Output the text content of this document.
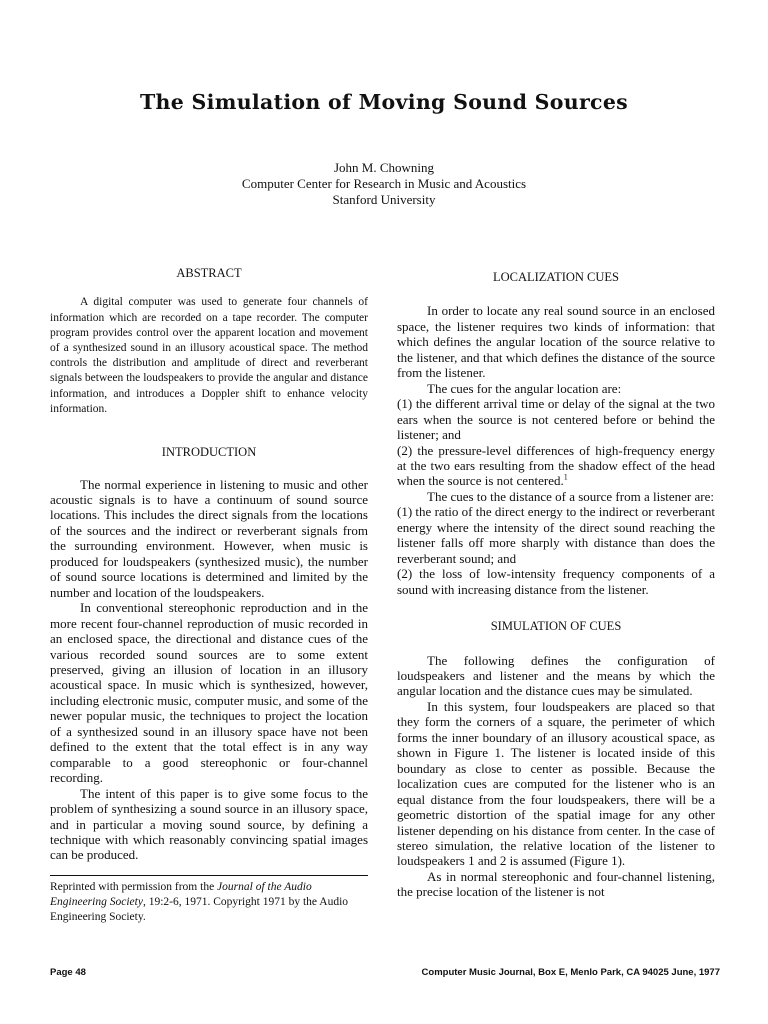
The Simulation of Moving Sound Sources
John M. Chowning
Computer Center for Research in Music and Acoustics
Stanford University
ABSTRACT

A digital computer was used to generate four channels of information which are recorded on a tape recorder. The computer program provides control over the apparent location and movement of a synthesized sound in an illusory acoustical space. The method controls the distribution and amplitude of direct and reverberant signals between the loudspeakers to provide the angular and distance information, and introduces a Doppler shift to enhance velocity information.

INTRODUCTION

The normal experience in listening to music and other acoustic signals is to have a continuum of sound source locations. This includes the direct signals from the locations of the sources and the indirect or reverberant signals from the surrounding environment. However, when music is produced for loudspeakers (synthesized music), the number of sound source locations is determined and limited by the number and location of the loudspeakers.

In conventional stereophonic reproduction and in the more recent four-channel reproduction of music recorded in an enclosed space, the directional and distance cues of the various recorded sound sources are to some extent preserved, giving an illusion of location in an illusory acoustical space. In music which is synthesized, however, including electronic music, computer music, and some of the newer popular music, the techniques to project the location of a synthesized sound in an illusory space have not been defined to the extent that the total effect is in any way comparable to a good stereophonic or four-channel recording.

The intent of this paper is to give some focus to the problem of synthesizing a sound source in an illusory space, and in particular a moving sound source, by defining a technique with which reasonably convincing spatial images can be produced.

Reprinted with permission from the Journal of the Audio Engineering Society, 19:2-6, 1971. Copyright 1971 by the Audio Engineering Society.
LOCALIZATION CUES

In order to locate any real sound source in an enclosed space, the listener requires two kinds of information: that which defines the angular location of the source relative to the listener, and that which defines the distance of the source from the listener.

The cues for the angular location are:

(1) the different arrival time or delay of the signal at the two ears when the source is not centered before or behind the listener; and

(2) the pressure-level differences of high-frequency energy at the two ears resulting from the shadow effect of the head when the source is not centered.$^1$

The cues to the distance of a source from a listener are:

(1) the ratio of the direct energy to the indirect or reverberant energy where the intensity of the direct sound reaching the listener falls off more sharply with distance than does the reverberant sound; and

(2) the loss of low-intensity frequency components of a sound with increasing distance from the listener.

SIMULATION OF CUES

The following defines the configuration of loudspeakers and listener and the means by which the angular location and the distance cues may be simulated.

In this system, four loudspeakers are placed so that they form the corners of a square, the perimeter of which forms the inner boundary of an illusory acoustical space, as shown in Figure 1. The listener is located inside of this boundary as close to center as possible. Because the localization cues are computed for the listener who is an equal distance from the four loudspeakers, there will be a geometric distortion of the spatial image for any other listener depending on his distance from center. In the case of stereo simulation, the relative location of the listener to loudspeakers 1 and 2 is assumed (Figure 1).

As in normal stereophonic and four-channel listening, the precise location of the listener is not

Page 48	Computer Music Journal, Box E, Menlo Park, CA 94025 June, 1977
